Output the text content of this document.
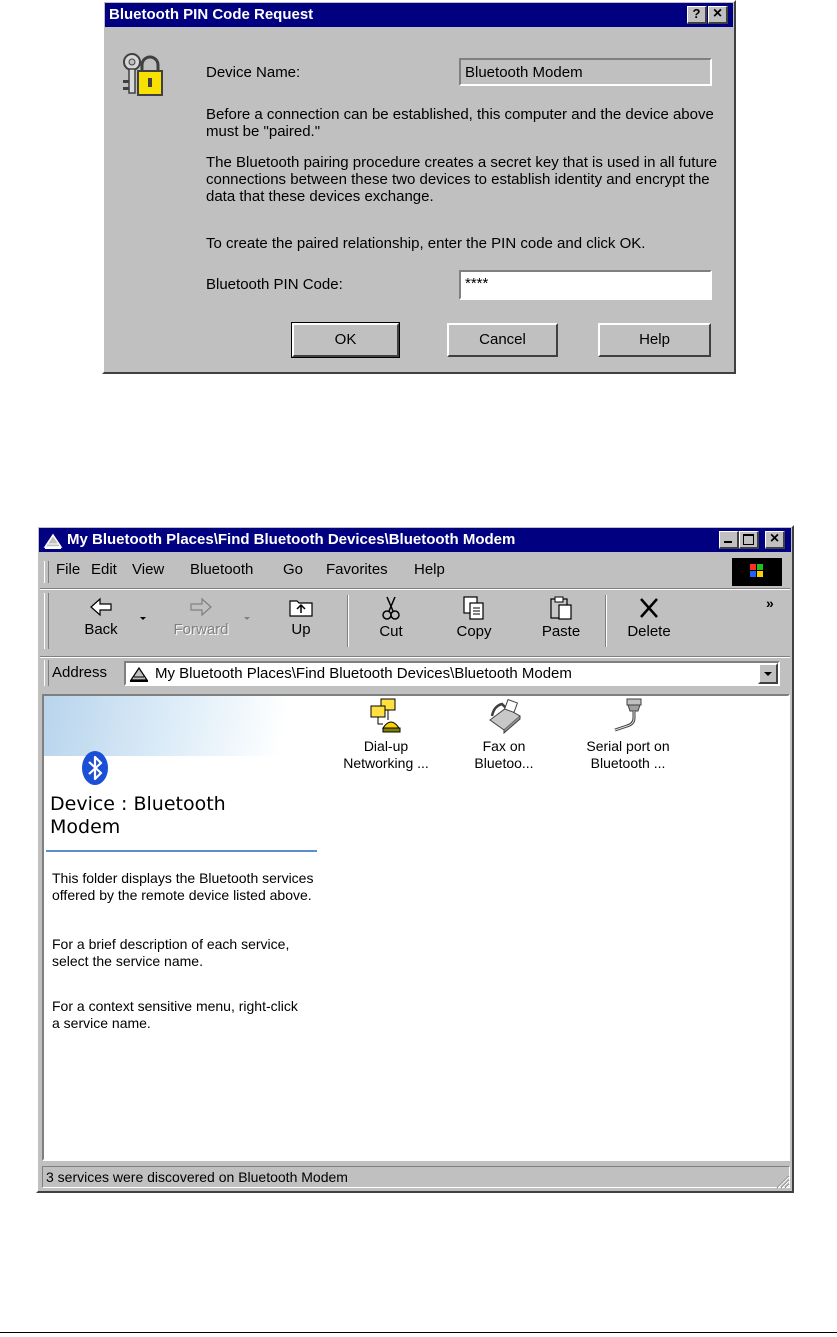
Bluetooth PIN Code Request	? ×
Device Name:	Bluetooth Modem
Before a connection can be established, this computer and the device above must be "paired."
The Bluetooth pairing procedure creates a secret key that is used in all future connections between these two devices to establish identity and encrypt the data that these devices exchange.
To create the paired relationship, enter the PIN code and click OK.
Bluetooth PIN Code:	****
OK	Cancel	Help
My Bluetooth Places\Find Bluetooth Devices\Bluetooth Modem	×
File Edit View Bluetooth Go Favorites Help
Back	Forward	Up	Cut	Copy	Paste	Delete
»
Address	My Bluetooth Places\Find Bluetooth Devices\Bluetooth Modem
Device : Bluetooth Modem
This folder displays the Bluetooth services offered by the remote device listed above.
For a brief description of each service, select the service name.
For a context sensitive menu, right-click a service name.
Dial-up
Networking ...
Fax on
Bluetoo...
Serial port on
Bluetooth ...
3 services were discovered on Bluetooth Modem
